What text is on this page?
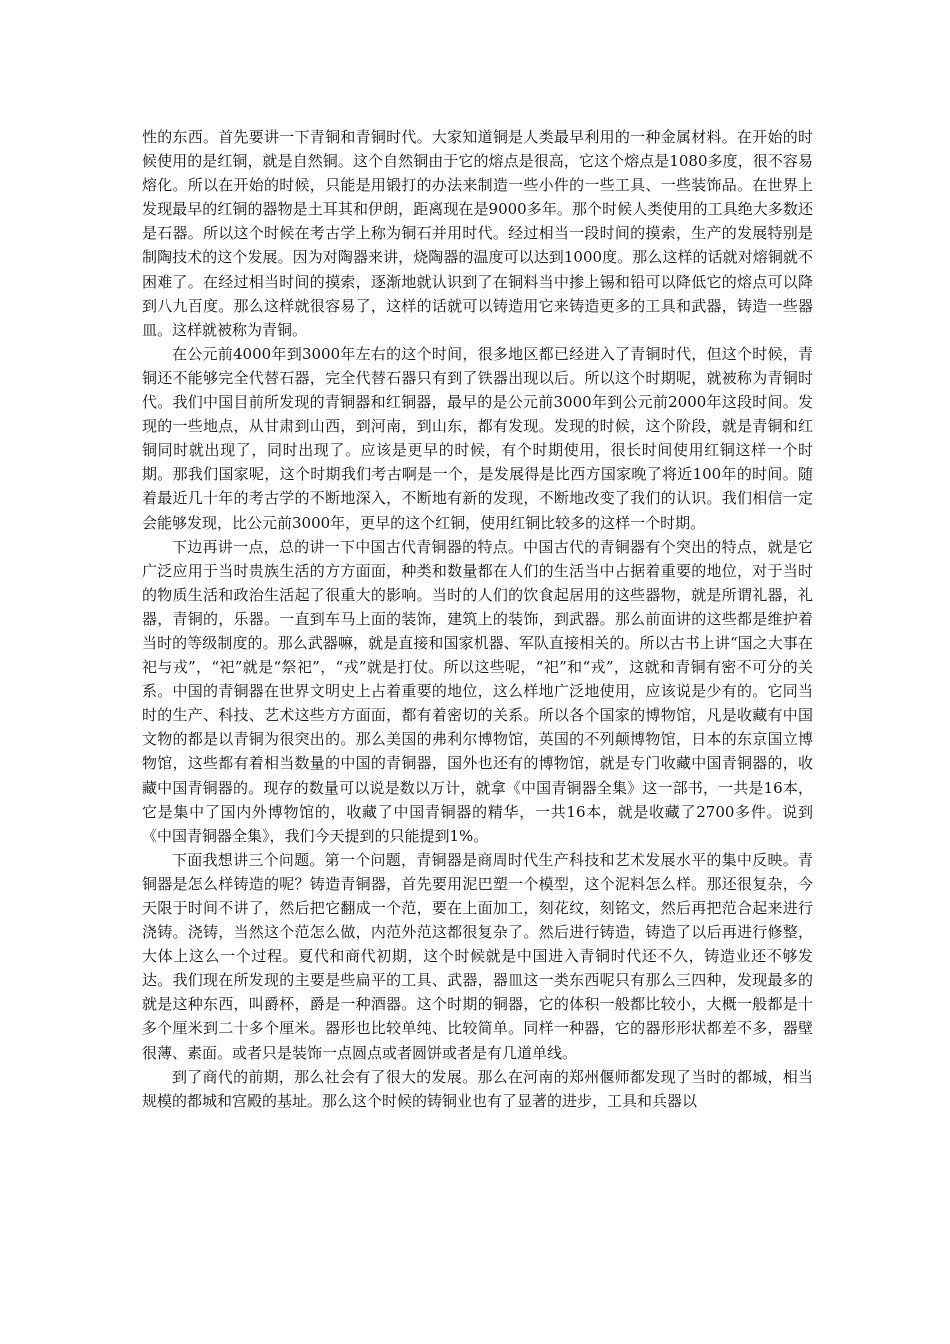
性的东西。首先要讲一下青铜和青铜时代。大家知道铜是人类最早利用的一种金属材料。在开始的时候使用的是红铜，就是自然铜。这个自然铜由于它的熔点是很高，它这个熔点是1080多度，很不容易熔化。所以在开始的时候，只能是用锻打的办法来制造一些小件的一些工具、一些装饰品。在世界上发现最早的红铜的器物是土耳其和伊朗，距离现在是9000多年。那个时候人类使用的工具绝大多数还是石器。所以这个时候在考古学上称为铜石并用时代。经过相当一段时间的摸索，生产的发展特别是制陶技术的这个发展。因为对陶器来讲，烧陶器的温度可以达到1000度。那么这样的话就对熔铜就不困难了。在经过相当时间的摸索，逐渐地就认识到了在铜料当中掺上锡和铅可以降低它的熔点可以降到八九百度。那么这样就很容易了，这样的话就可以铸造用它来铸造更多的工具和武器，铸造一些器皿。这样就被称为青铜。

在公元前4000年到3000年左右的这个时间，很多地区都已经进入了青铜时代，但这个时候，青铜还不能够完全代替石器，完全代替石器只有到了铁器出现以后。所以这个时期呢，就被称为青铜时代。我们中国目前所发现的青铜器和红铜器，最早的是公元前3000年到公元前2000年这段时间。发现的一些地点，从甘肃到山西，到河南，到山东，都有发现。发现的时候，这个阶段，就是青铜和红铜同时就出现了，同时出现了。应该是更早的时候，有个时期使用，很长时间使用红铜这样一个时期。那我们国家呢，这个时期我们考古啊是一个，是发展得是比西方国家晚了将近100年的时间。随着最近几十年的考古学的不断地深入，不断地有新的发现，不断地改变了我们的认识。我们相信一定会能够发现，比公元前3000年，更早的这个红铜，使用红铜比较多的这样一个时期。

下边再讲一点，总的讲一下中国古代青铜器的特点。中国古代的青铜器有个突出的特点，就是它广泛应用于当时贵族生活的方方面面，种类和数量都在人们的生活当中占据着重要的地位，对于当时的物质生活和政治生活起了很重大的影响。当时的人们的饮食起居用的这些器物，就是所谓礼器，礼器，青铜的，乐器。一直到车马上面的装饰，建筑上的装饰，到武器。那么前面讲的这些都是维护着当时的等级制度的。那么武器嘛，就是直接和国家机器、军队直接相关的。所以古书上讲“国之大事在祀与戎”，“祀”就是“祭祀”，“戎”就是打仗。所以这些呢，“祀”和“戎”，这就和青铜有密不可分的关系。中国的青铜器在世界文明史上占着重要的地位，这么样地广泛地使用，应该说是少有的。它同当时的生产、科技、艺术这些方方面面，都有着密切的关系。所以各个国家的博物馆，凡是收藏有中国文物的都是以青铜为很突出的。那么美国的弗利尔博物馆，英国的不列颠博物馆，日本的东京国立博物馆，这些都有着相当数量的中国的青铜器，国外也还有的博物馆，就是专门收藏中国青铜器的，收藏中国青铜器的。现存的数量可以说是数以万计，就拿《中国青铜器全集》这一部书，一共是16本，它是集中了国内外博物馆的，收藏了中国青铜器的精华，一共16本，就是收藏了2700多件。说到《中国青铜器全集》，我们今天提到的只能提到1%。

下面我想讲三个问题。第一个问题，青铜器是商周时代生产科技和艺术发展水平的集中反映。青铜器是怎么样铸造的呢？铸造青铜器，首先要用泥巴塑一个模型，这个泥料怎么样。那还很复杂，今天限于时间不讲了，然后把它翻成一个范，要在上面加工，刻花纹，刻铭文，然后再把范合起来进行浇铸。浇铸，当然这个范怎么做，内范外范这都很复杂了。然后进行铸造，铸造了以后再进行修整，大体上这么一个过程。夏代和商代初期，这个时候就是中国进入青铜时代还不久，铸造业还不够发达。我们现在所发现的主要是些扁平的工具、武器，器皿这一类东西呢只有那么三四种，发现最多的就是这种东西，叫爵杯，爵是一种酒器。这个时期的铜器，它的体积一般都比较小，大概一般都是十多个厘米到二十多个厘米。器形也比较单纯、比较简单。同样一种器，它的器形形状都差不多，器壁很薄、素面。或者只是装饰一点圆点或者圆饼或者是有几道单线。

到了商代的前期，那么社会有了很大的发展。那么在河南的郑州偃师都发现了当时的都城，相当规模的都城和宫殿的基址。那么这个时候的铸铜业也有了显著的进步，工具和兵器以
